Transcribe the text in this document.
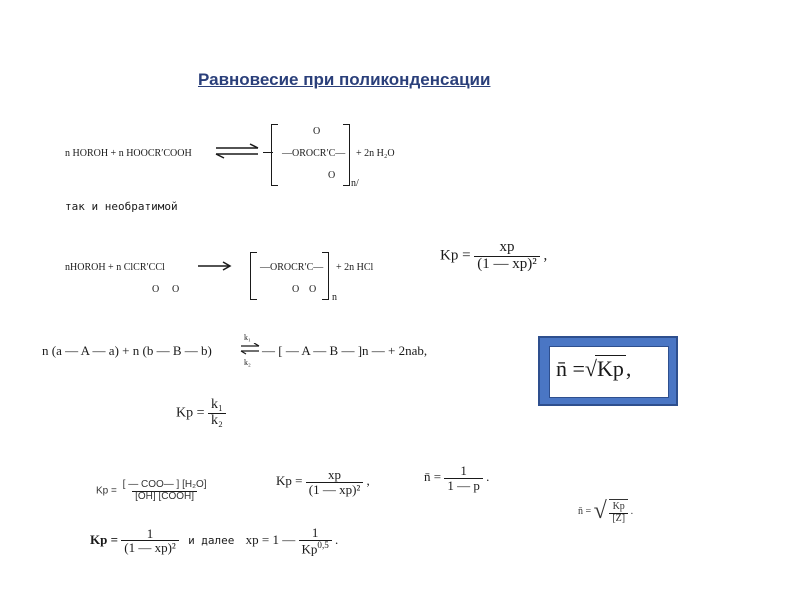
Равновесие при поликонденсации
n HOROH + n HOOCR′COOH ⇌
O
—OROCR′C—
O
n/
+ 2n H₂O
так и необратимой
nHOROH + n ClCR′CCl
O O
—OROCR′C—
O O
n
+ 2n HCl
Kр = $\frac{xр}{\text{(1 — xр)²}}$ ,
n (a — A — a) + n (b — B — b)
k₁
k₂
— [ — A — B — ]n — + 2nab,
n̄ =√Kр,
Kр = $\frac{\text{k₁}}{\text{k₂}}$
Kр = $\frac{\text{[ — COO— ] [H₂O]}}{\text{[OH] [COOH]}}$	Kр = $\frac{xр}{\text{(1 — xр)²}}$ ,	n̄ = $\frac{1}{1 — p}$ .
n̄ = √ $\frac{Kр}{[Z]}$ .
Kр = $\frac{1}{\text{(1 — xр)²}}$ и далее xр = 1 — $\frac{1}{Kр^{0,5}}$ .
